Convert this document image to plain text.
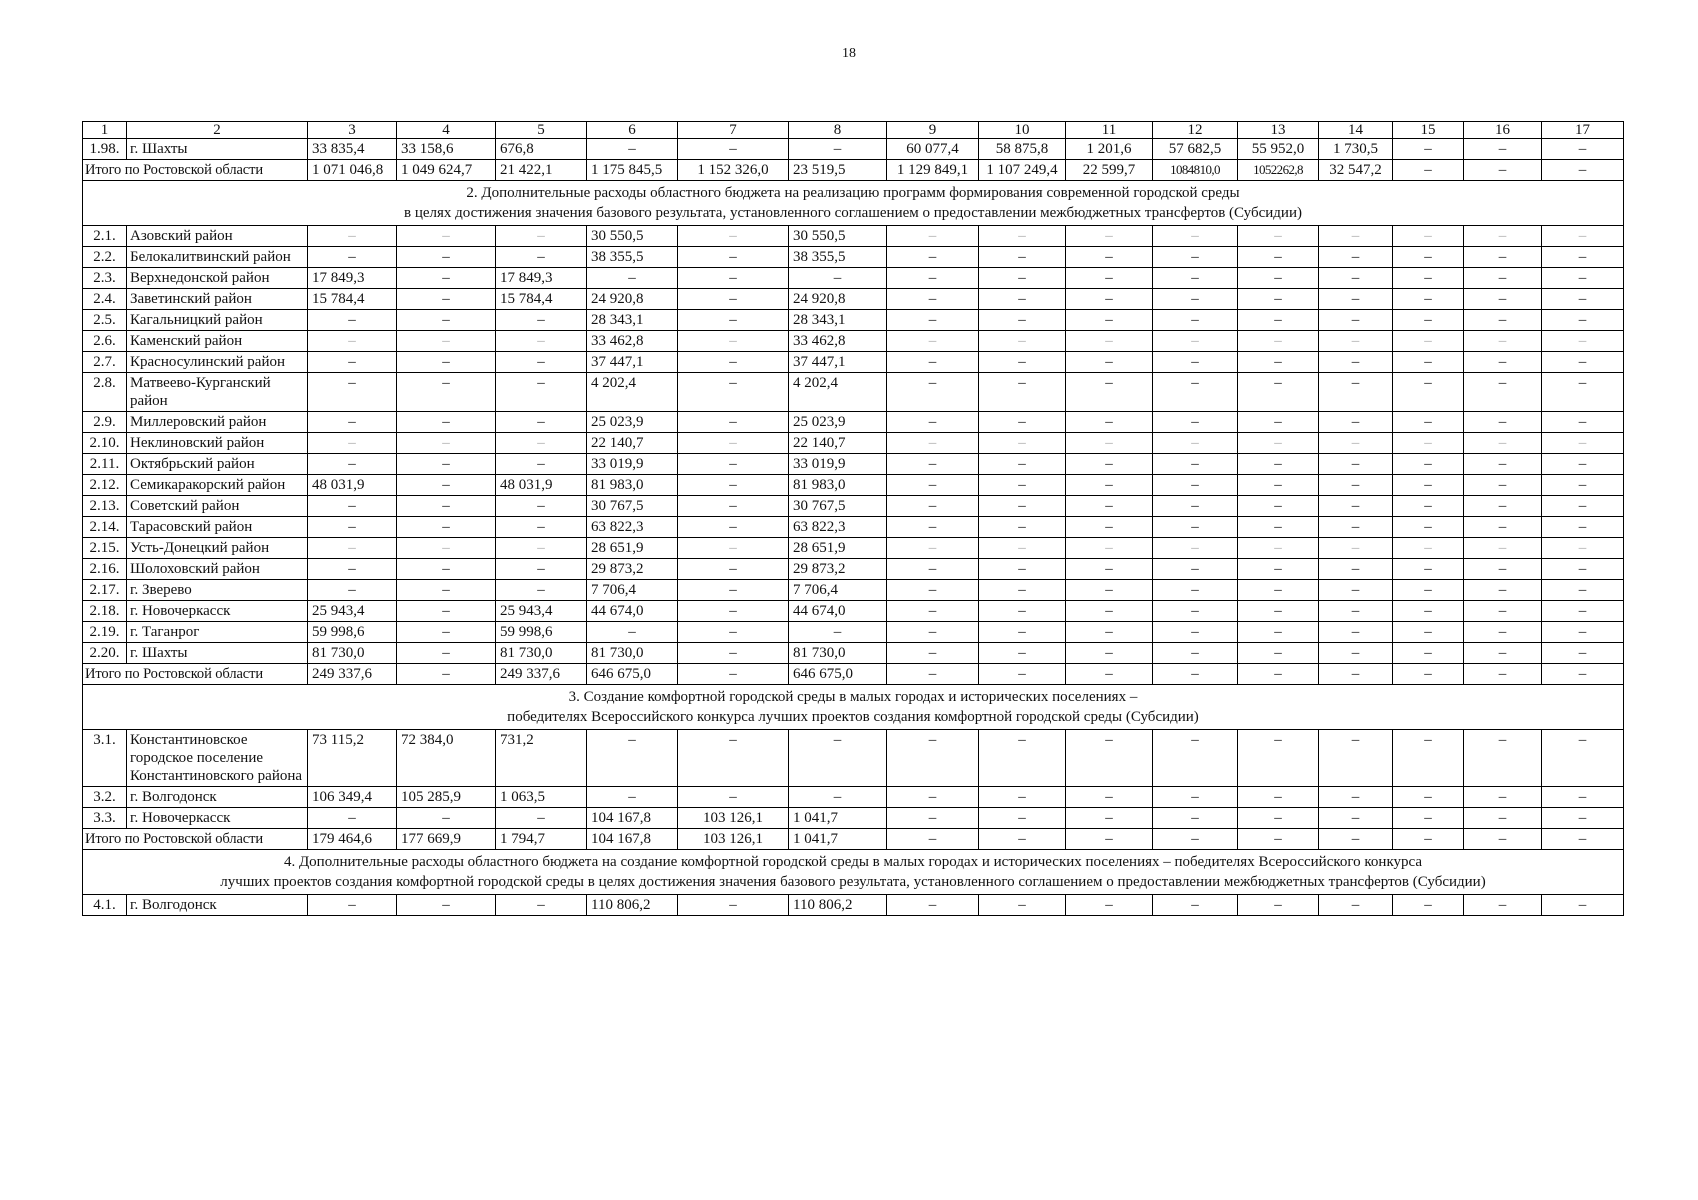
18
1	2	3	4	5	6	7	8	9	10	11	12	13	14	15	16	17
1.98.	г. Шахты	33 835,4	33 158,6	676,8	–	–	–	60 077,4	58 875,8	1 201,6	57 682,5	55 952,0	1 730,5	–	–	–
Итого по Ростовской области		1 071 046,8	1 049 624,7	21 422,1	1 175 845,5	1 152 326,0	23 519,5	1 129 849,1	1 107 249,4	22 599,7	1084810,0	1052262,8	32 547,2	–	–	–

2. Дополнительные расходы областного бюджета на реализацию программ формирования современной городской среды
в целях достижения значения базового результата, установленного соглашением о предоставлении межбюджетных трансфертов (Субсидии)																

2.1.	Азовский район	–	–	–	30 550,5	–	30 550,5	–	–	–	–	–	–	–	–	–
2.2.	Белокалитвинский район	–	–	–	38 355,5	–	38 355,5	–	–	–	–	–	–	–	–	–
2.3.	Верхнедонской район	17 849,3	–	17 849,3	–	–	–	–	–	–	–	–	–	–	–	–
2.4.	Заветинский район	15 784,4	–	15 784,4	24 920,8	–	24 920,8	–	–	–	–	–	–	–	–	–
2.5.	Кагальницкий район	–	–	–	28 343,1	–	28 343,1	–	–	–	–	–	–	–	–	–
2.6.	Каменский район	–	–	–	33 462,8	–	33 462,8	–	–	–	–	–	–	–	–	–
2.7.	Красносулинский район	–	–	–	37 447,1	–	37 447,1	–	–	–	–	–	–	–	–	–
2.8.	Матвеево-Курганский район	–	–	–	4 202,4	–	4 202,4	–	–	–	–	–	–	–	–	–
2.9.	Миллеровский район	–	–	–	25 023,9	–	25 023,9	–	–	–	–	–	–	–	–	–
2.10.	Неклиновский район	–	–	–	22 140,7	–	22 140,7	–	–	–	–	–	–	–	–	–
2.11.	Октябрьский район	–	–	–	33 019,9	–	33 019,9	–	–	–	–	–	–	–	–	–
2.12.	Семикаракорский район	48 031,9	–	48 031,9	81 983,0	–	81 983,0	–	–	–	–	–	–	–	–	–
2.13.	Советский район	–	–	–	30 767,5	–	30 767,5	–	–	–	–	–	–	–	–	–
2.14.	Тарасовский район	–	–	–	63 822,3	–	63 822,3	–	–	–	–	–	–	–	–	–
2.15.	Усть-Донецкий район	–	–	–	28 651,9	–	28 651,9	–	–	–	–	–	–	–	–	–
2.16.	Шолоховский район	–	–	–	29 873,2	–	29 873,2	–	–	–	–	–	–	–	–	–
2.17.	г. Зверево	–	–	–	7 706,4	–	7 706,4	–	–	–	–	–	–	–	–	–
2.18.	г. Новочеркасск	25 943,4	–	25 943,4	44 674,0	–	44 674,0	–	–	–	–	–	–	–	–	–
2.19.	г. Таганрог	59 998,6	–	59 998,6	–	–	–	–	–	–	–	–	–	–	–	–
2.20.	г. Шахты	81 730,0	–	81 730,0	81 730,0	–	81 730,0	–	–	–	–	–	–	–	–	–
Итого по Ростовской области		249 337,6	–	249 337,6	646 675,0	–	646 675,0	–	–	–	–	–	–	–	–	–

3. Создание комфортной городской среды в малых городах и исторических поселениях –
победителях Всероссийского конкурса лучших проектов создания комфортной городской среды (Субсидии)																

3.1.	Константиновское городское поселение Константиновского района	73 115,2	72 384,0	731,2	–	–	–	–	–	–	–	–	–	–	–	–
3.2.	г. Волгодонск	106 349,4	105 285,9	1 063,5	–	–	–	–	–	–	–	–	–	–	–	–
3.3.	г. Новочеркасск	–	–	–	104 167,8	103 126,1	1 041,7	–	–	–	–	–	–	–	–	–
Итого по Ростовской области		179 464,6	177 669,9	1 794,7	104 167,8	103 126,1	1 041,7	–	–	–	–	–	–	–	–	–

4. Дополнительные расходы областного бюджета на создание комфортной городской среды в малых городах и исторических поселениях – победителях Всероссийского конкурса
лучших проектов создания комфортной городской среды в целях достижения значения базового результата, установленного соглашением о предоставлении межбюджетных трансфертов (Субсидии)																

4.1.	г. Волгодонск	–	–	–	110 806,2	–	110 806,2	–	–	–	–	–	–	–	–	–
